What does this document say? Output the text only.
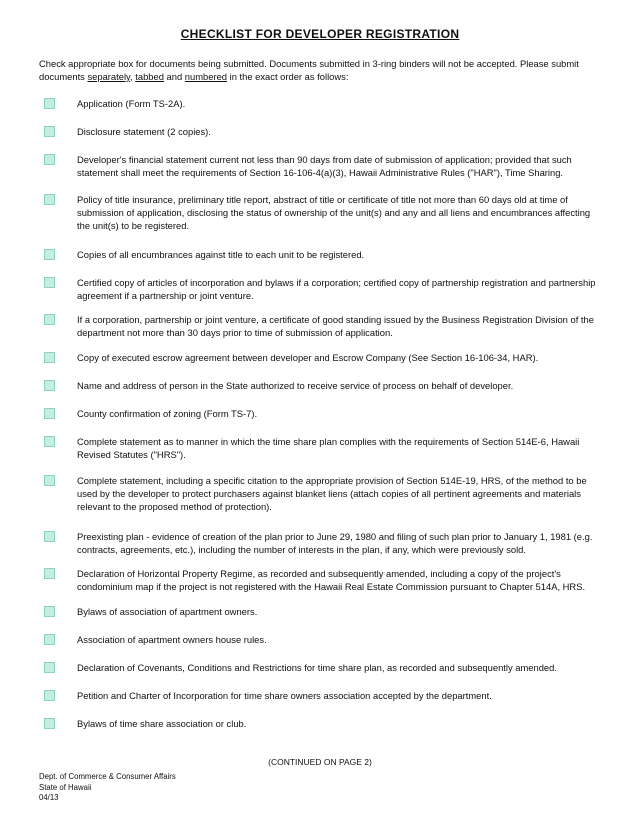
CHECKLIST FOR DEVELOPER REGISTRATION
Check appropriate box for documents being submitted. Documents submitted in 3-ring binders will not be accepted. Please submit documents separately, tabbed and numbered in the exact order as follows:
Application (Form TS-2A).
Disclosure statement (2 copies).
Developer's financial statement current not less than 90 days from date of submission of application; provided that such statement shall meet the requirements of Section 16-106-4(a)(3), Hawaii Administrative Rules ("HAR"), Time Sharing.
Policy of title insurance, preliminary title report, abstract of title or certificate of title not more than 60 days old at time of submission of application, disclosing the status of ownership of the unit(s) and any and all liens and encumbrances affecting the unit(s) to be registered.
Copies of all encumbrances against title to each unit to be registered.
Certified copy of articles of incorporation and bylaws if a corporation; certified copy of partnership registration and partnership agreement if a partnership or joint venture.
If a corporation, partnership or joint venture, a certificate of good standing issued by the Business Registration Division of the department not more than 30 days prior to time of submission of application.
Copy of executed escrow agreement between developer and Escrow Company (See Section 16-106-34, HAR).
Name and address of person in the State authorized to receive service of process on behalf of developer.
County confirmation of zoning (Form TS-7).
Complete statement as to manner in which the time share plan complies with the requirements of Section 514E-6, Hawaii Revised Statutes ("HRS").
Complete statement, including a specific citation to the appropriate provision of Section 514E-19, HRS, of the method to be used by the developer to protect purchasers against blanket liens (attach copies of all pertinent agreements and materials relevant to the proposed method of protection).
Preexisting plan - evidence of creation of the plan prior to June 29, 1980 and filing of such plan prior to January 1, 1981 (e.g. contracts, agreements, etc.), including the number of interests in the plan, if any, which were previously sold.
Declaration of Horizontal Property Regime, as recorded and subsequently amended, including a copy of the project's condominium map if the project is not registered with the Hawaii Real Estate Commission pursuant to Chapter 514A, HRS.
Bylaws of association of apartment owners.
Association of apartment owners house rules.
Declaration of Covenants, Conditions and Restrictions for time share plan, as recorded and subsequently amended.
Petition and Charter of Incorporation for time share owners association accepted by the department.
Bylaws of time share association or club.
(CONTINUED ON PAGE 2)
Dept. of Commerce & Consumer Affairs
State of Hawaii
04/13
